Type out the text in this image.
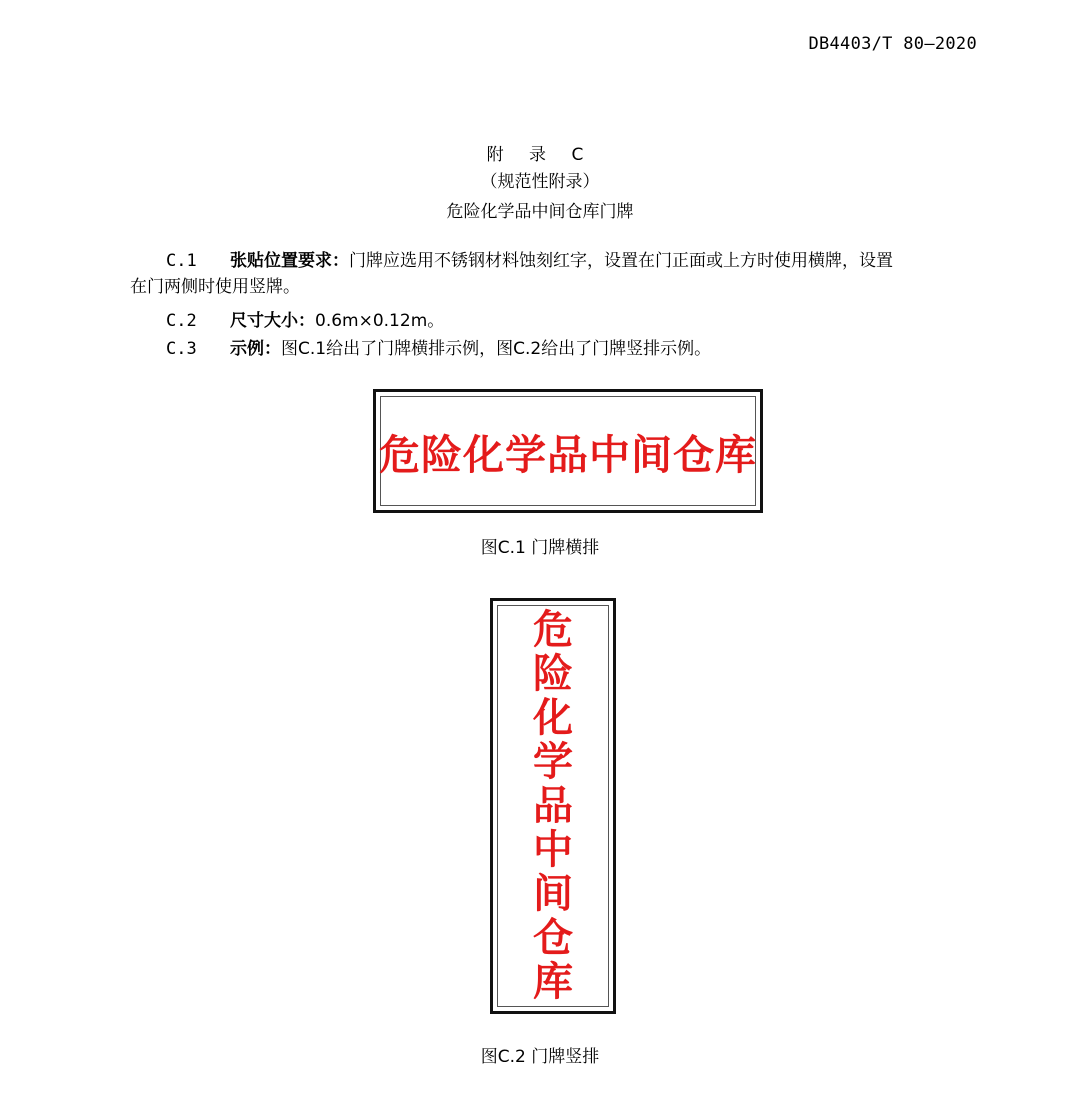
DB4403/T 80—2020
附 录 C
（规范性附录）
危险化学品中间仓库门牌
C.1 张贴位置要求：门牌应选用不锈钢材料蚀刻红字，设置在门正面或上方时使用横牌，设置
在门两侧时使用竖牌。
C.2 尺寸大小：0.6m×0.12m。
C.3 示例：图C.1给出了门牌横排示例，图C.2给出了门牌竖排示例。
危险化学品中间仓库
图C.1 门牌横排
危险化学品中间仓库
图C.2 门牌竖排
